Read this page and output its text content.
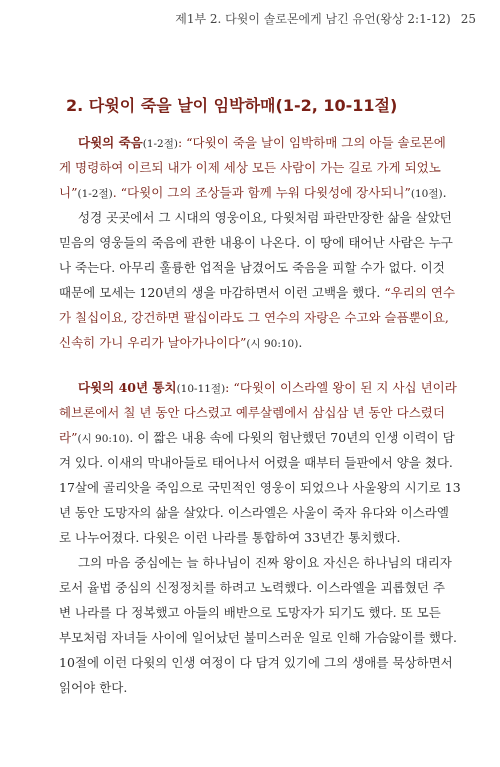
제1부 2. 다윗이 솔로몬에게 남긴 유언(왕상 2:1-12) 25
2. 다윗이 죽을 날이 임박하매(1-2, 10-11절)
다윗의 죽음(1-2절): “다윗이 죽을 날이 임박하매 그의 아들 솔로몬에
게 명령하여 이르되 내가 이제 세상 모든 사람이 가는 길로 가게 되었노
니”(1-2절). “다윗이 그의 조상들과 함께 누워 다윗성에 장사되니”(10절).
성경 곳곳에서 그 시대의 영웅이요, 다윗처럼 파란만장한 삶을 살았던
믿음의 영웅들의 죽음에 관한 내용이 나온다. 이 땅에 태어난 사람은 누구
나 죽는다. 아무리 훌륭한 업적을 남겼어도 죽음을 피할 수가 없다. 이것
때문에 모세는 120년의 생을 마감하면서 이런 고백을 했다. “우리의 연수
가 칠십이요, 강건하면 팔십이라도 그 연수의 자랑은 수고와 슬픔뿐이요,
신속히 가니 우리가 날아가나이다”(시 90:10).
다윗의 40년 통치(10-11절): “다윗이 이스라엘 왕이 된 지 사십 년이라
헤브론에서 칠 년 동안 다스렸고 예루살렘에서 삼십삼 년 동안 다스렸더
라”(시 90:10). 이 짧은 내용 속에 다윗의 험난했던 70년의 인생 이력이 담
겨 있다. 이새의 막내아들로 태어나서 어렸을 때부터 들판에서 양을 쳤다.
17살에 골리앗을 죽임으로 국민적인 영웅이 되었으나 사울왕의 시기로 13
년 동안 도망자의 삶을 살았다. 이스라엘은 사울이 죽자 유다와 이스라엘
로 나누어졌다. 다윗은 이런 나라를 통합하여 33년간 통치했다.
그의 마음 중심에는 늘 하나님이 진짜 왕이요 자신은 하나님의 대리자
로서 율법 중심의 신정정치를 하려고 노력했다. 이스라엘을 괴롭혔던 주
변 나라를 다 정복했고 아들의 배반으로 도망자가 되기도 했다. 또 모든
부모처럼 자녀들 사이에 일어났던 불미스러운 일로 인해 가슴앓이를 했다.
10절에 이런 다윗의 인생 여정이 다 담겨 있기에 그의 생애를 묵상하면서
읽어야 한다.
